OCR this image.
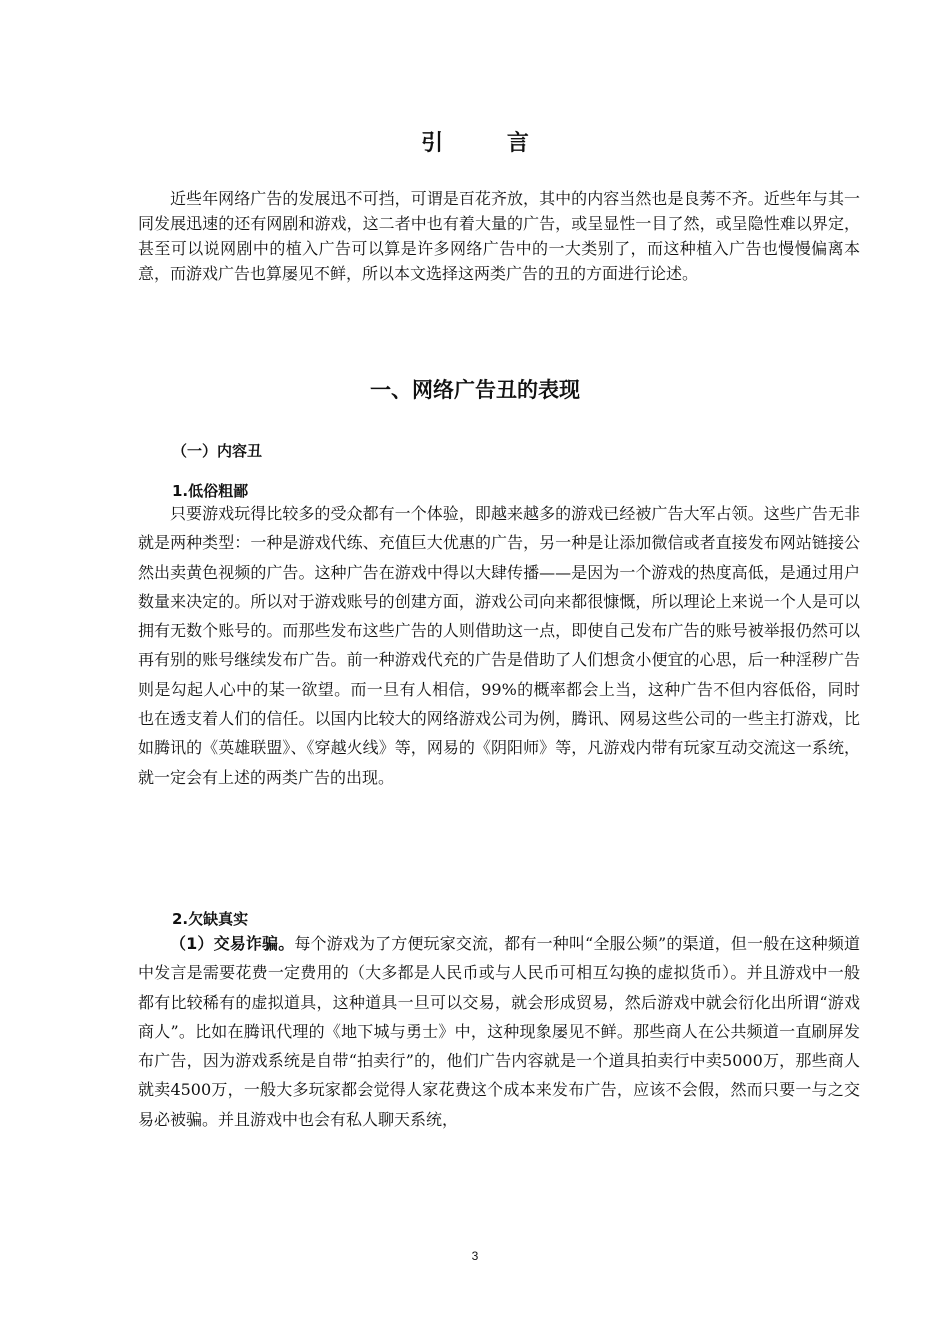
引 言

近些年网络广告的发展迅不可挡，可谓是百花齐放，其中的内容当然也是良莠不齐。近些年与其一同发展迅速的还有网剧和游戏，这二者中也有着大量的广告，或呈显性一目了然，或呈隐性难以界定，甚至可以说网剧中的植入广告可以算是许多网络广告中的一大类别了，而这种植入广告也慢慢偏离本意，而游戏广告也算屡见不鲜，所以本文选择这两类广告的丑的方面进行论述。

一、网络广告丑的表现
（一）内容丑
1.低俗粗鄙

只要游戏玩得比较多的受众都有一个体验，即越来越多的游戏已经被广告大军占领。这些广告无非就是两种类型：一种是游戏代练、充值巨大优惠的广告，另一种是让添加微信或者直接发布网站链接公然出卖黄色视频的广告。这种广告在游戏中得以大肆传播——是因为一个游戏的热度高低，是通过用户数量来决定的。所以对于游戏账号的创建方面，游戏公司向来都很慷慨，所以理论上来说一个人是可以拥有无数个账号的。而那些发布这些广告的人则借助这一点，即使自己发布广告的账号被举报仍然可以再有别的账号继续发布广告。前一种游戏代充的广告是借助了人们想贪小便宜的心思，后一种淫秽广告则是勾起人心中的某一欲望。而一旦有人相信，99%的概率都会上当，这种广告不但内容低俗，同时也在透支着人们的信任。以国内比较大的网络游戏公司为例，腾讯、网易这些公司的一些主打游戏，比如腾讯的《英雄联盟》、《穿越火线》等，网易的《阴阳师》等，凡游戏内带有玩家互动交流这一系统，就一定会有上述的两类广告的出现。

2.欠缺真实

（1）交易诈骗。每个游戏为了方便玩家交流，都有一种叫“全服公频”的渠道，但一般在这种频道中发言是需要花费一定费用的（大多都是人民币或与人民币可相互勾换的虚拟货币）。并且游戏中一般都有比较稀有的虚拟道具，这种道具一旦可以交易，就会形成贸易，然后游戏中就会衍化出所谓“游戏商人”。比如在腾讯代理的《地下城与勇士》中，这种现象屡见不鲜。那些商人在公共频道一直刷屏发布广告，因为游戏系统是自带“拍卖行”的，他们广告内容就是一个道具拍卖行中卖5000万，那些商人就卖4500万，一般大多玩家都会觉得人家花费这个成本来发布广告，应该不会假，然而只要一与之交易必被骗。并且游戏中也会有私人聊天系统，

3
